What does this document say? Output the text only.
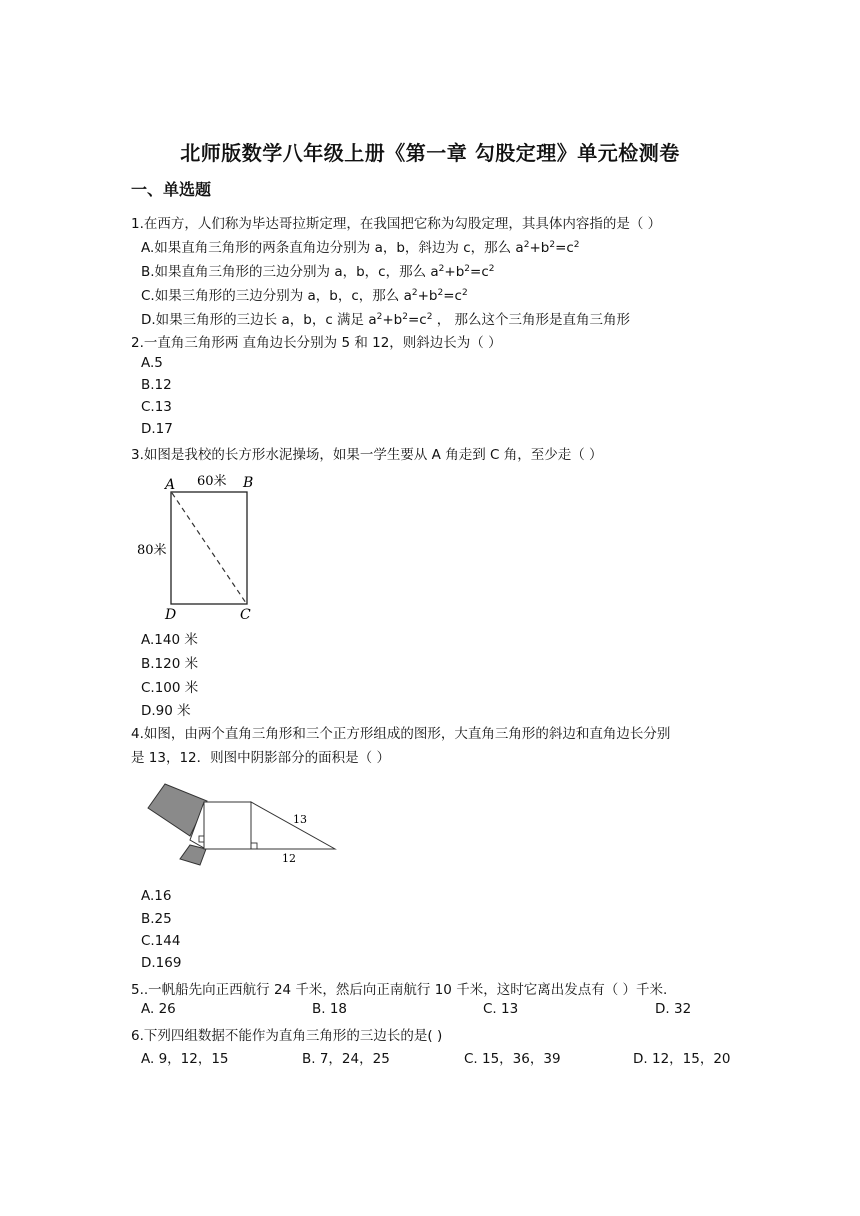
北师版数学八年级上册《第一章 勾股定理》单元检测卷
一、单选题
1.在西方，人们称为毕达哥拉斯定理，在我国把它称为勾股定理，其具体内容指的是（ ）
A.如果直角三角形的两条直角边分别为 a，b，斜边为 c，那么 $a^2+b^2=c^2$
B.如果直角三角形的三边分别为 a，b，c，那么 $a^2+b^2=c^2$
C.如果三角形的三边分别为 a，b，c，那么 $a^2+b^2=c^2$
D.如果三角形的三边长 a，b，c 满足 $a^2+b^2=c^2$ ， 那么这个三角形是直角三角形
2.一直角三角形两 直角边长分别为 5 和 12，则斜边长为（ ）
A.5
B.12
C.13
D.17
3.如图是我校的长方形水泥操场，如果一学生要从 A 角走到 C 角，至少走（ ）
A	B
D	C
60米
80米
A.140 米
B.120 米
C.100 米
D.90 米
4.如图，由两个直角三角形和三个正方形组成的图形，大直角三角形的斜边和直角边长分别
是 13，12．则图中阴影部分的面积是（ ）
13
12
A.16
B.25
C.144
D.169
5..一帆船先向正西航行 24 千米，然后向正南航行 10 千米，这时它离出发点有（ ）千米.
A. 26	B. 18	C. 13	D. 32
6.下列四组数据不能作为直角三角形的三边长的是( )
A. 9，12，15	B. 7，24，25	C. 15，36，39	D. 12，15，20
